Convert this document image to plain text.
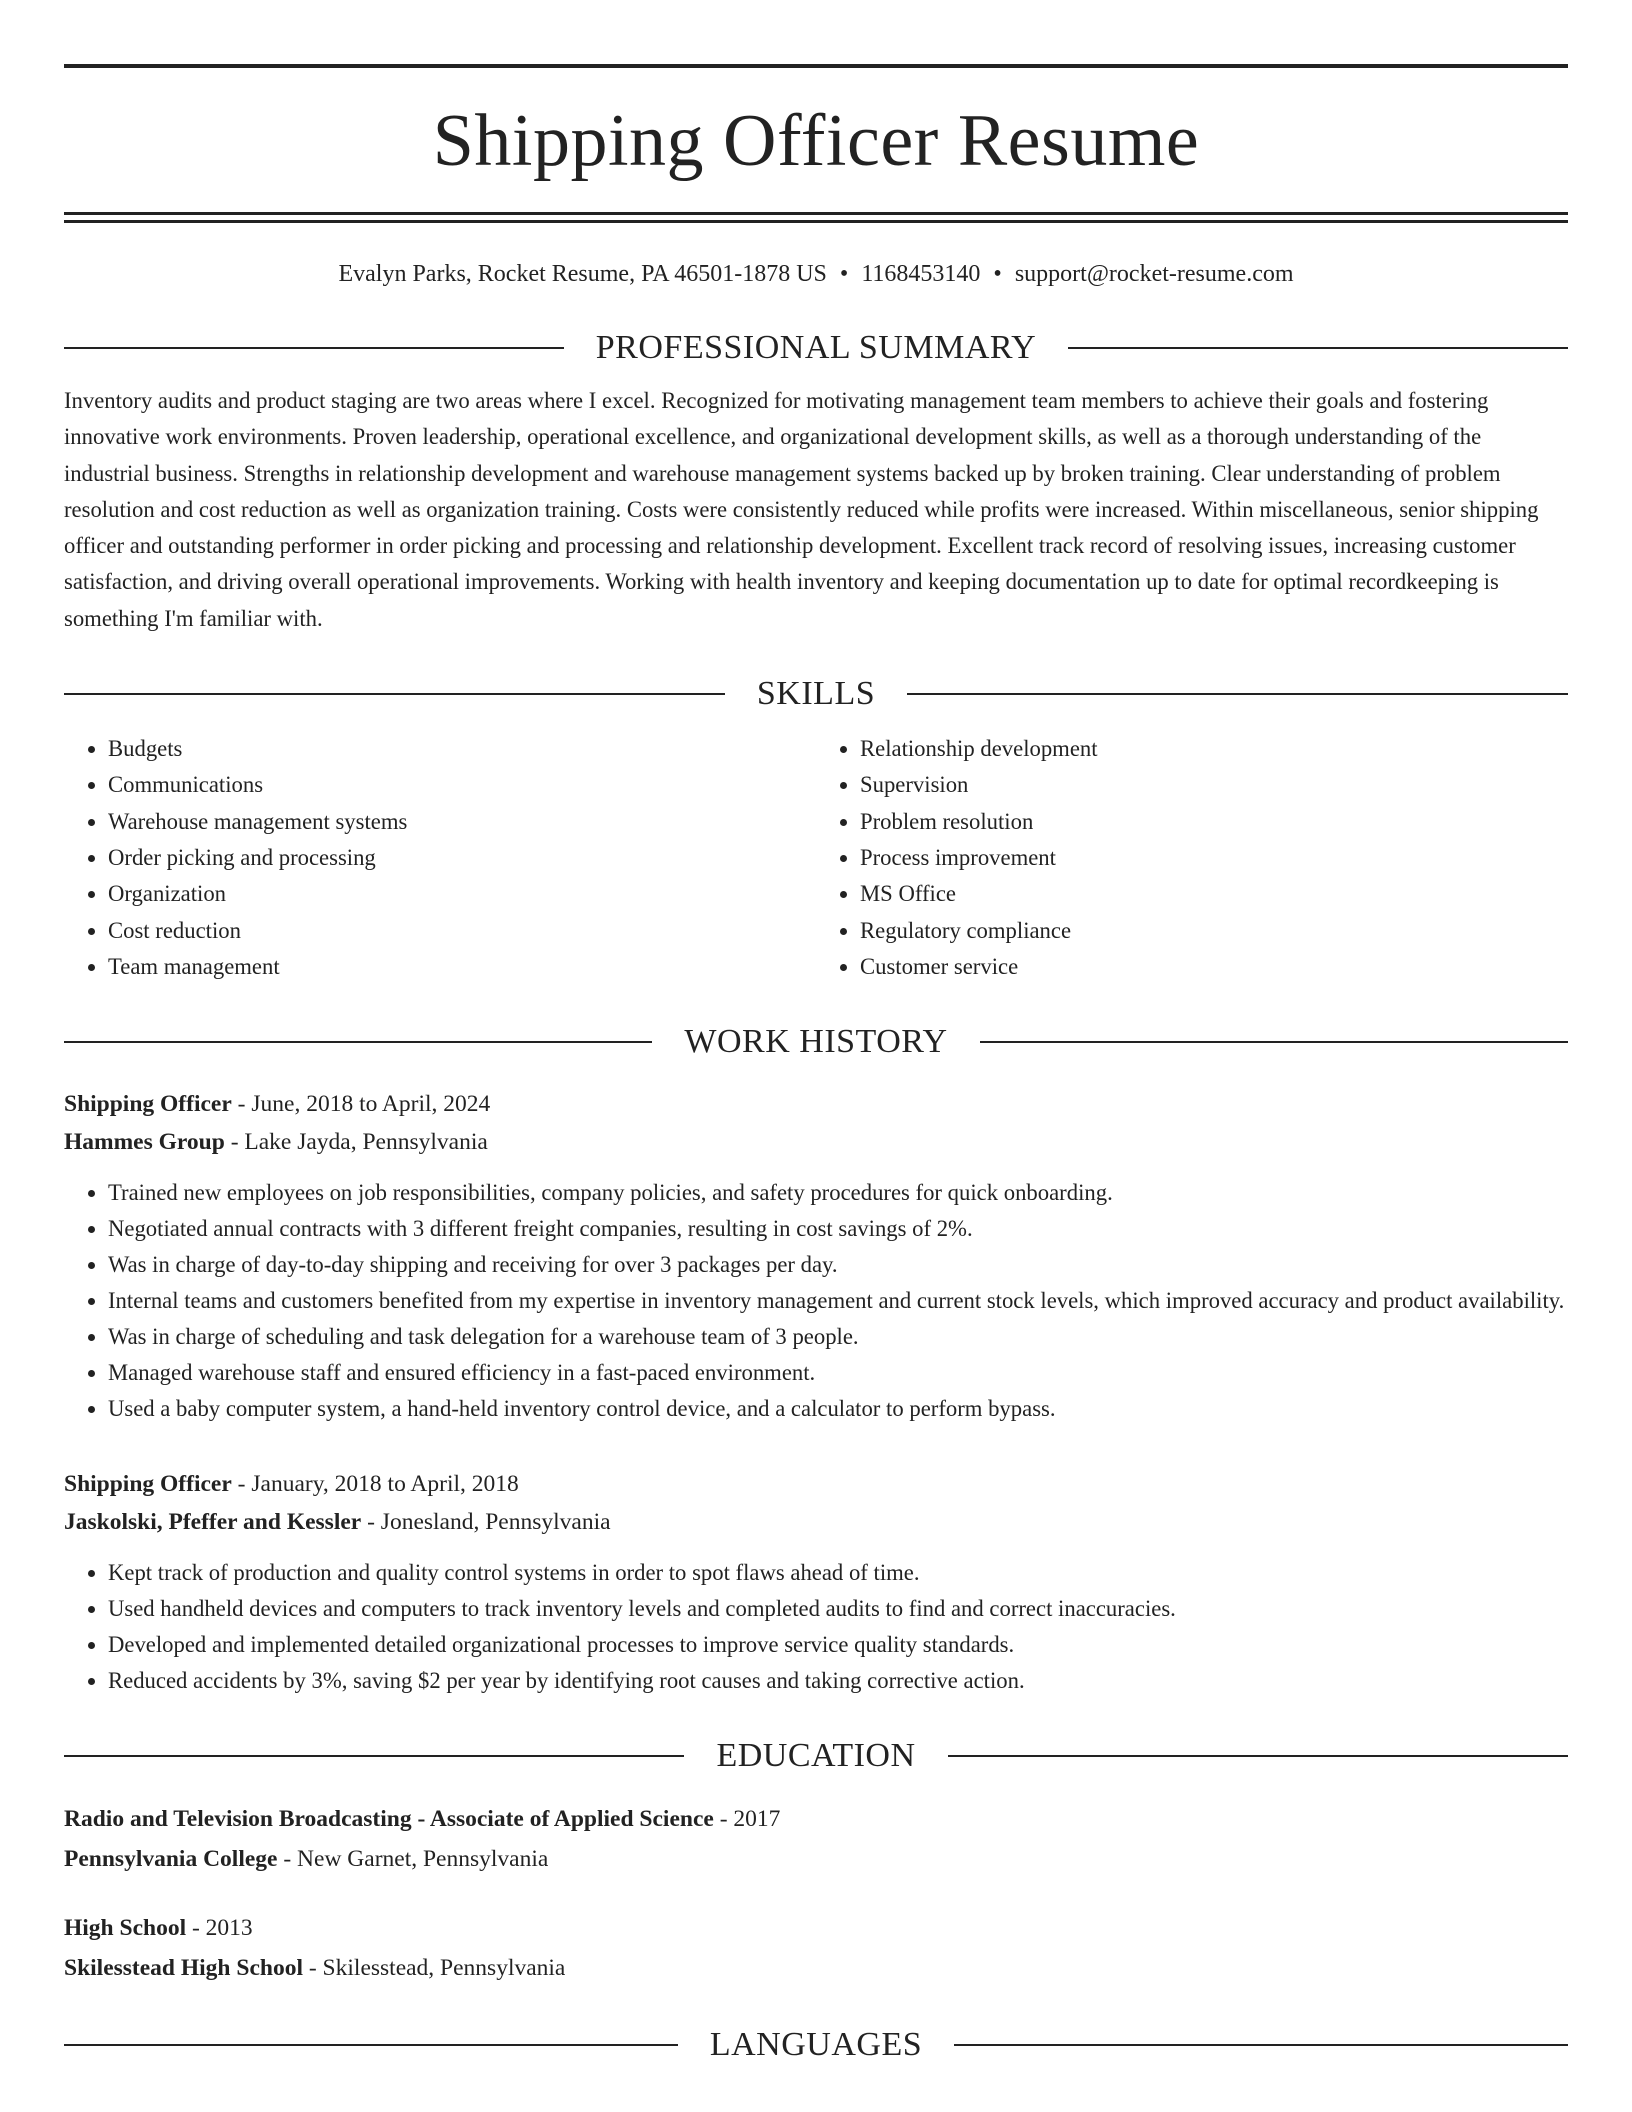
Shipping Officer Resume
Evalyn Parks, Rocket Resume, PA 46501-1878 US • 1168453140 • support@rocket-resume.com
PROFESSIONAL SUMMARY

Inventory audits and product staging are two areas where I excel. Recognized for motivating management team members to achieve their goals and fostering innovative work environments. Proven leadership, operational excellence, and organizational development skills, as well as a thorough understanding of the industrial business. Strengths in relationship development and warehouse management systems backed up by broken training. Clear understanding of problem resolution and cost reduction as well as organization training. Costs were consistently reduced while profits were increased. Within miscellaneous, senior shipping officer and outstanding performer in order picking and processing and relationship development. Excellent track record of resolving issues, increasing customer satisfaction, and driving overall operational improvements. Working with health inventory and keeping documentation up to date for optimal recordkeeping is something I'm familiar with.

SKILLS
• Budgets
• Communications
• Warehouse management systems
• Order picking and processing
• Organization
• Cost reduction
• Team management
• Relationship development
• Supervision
• Problem resolution
• Process improvement
• MS Office
• Regulatory compliance
• Customer service
WORK HISTORY
Shipping Officer - June, 2018 to April, 2024
Hammes Group - Lake Jayda, Pennsylvania
• Trained new employees on job responsibilities, company policies, and safety procedures for quick onboarding.
• Negotiated annual contracts with 3 different freight companies, resulting in cost savings of 2%.
• Was in charge of day-to-day shipping and receiving for over 3 packages per day.
• Internal teams and customers benefited from my expertise in inventory management and current stock levels, which improved accuracy and product availability.
• Was in charge of scheduling and task delegation for a warehouse team of 3 people.
• Managed warehouse staff and ensured efficiency in a fast-paced environment.
• Used a baby computer system, a hand-held inventory control device, and a calculator to perform bypass.
Shipping Officer - January, 2018 to April, 2018
Jaskolski, Pfeffer and Kessler - Jonesland, Pennsylvania
• Kept track of production and quality control systems in order to spot flaws ahead of time.
• Used handheld devices and computers to track inventory levels and completed audits to find and correct inaccuracies.
• Developed and implemented detailed organizational processes to improve service quality standards.
• Reduced accidents by 3%, saving $2 per year by identifying root causes and taking corrective action.
EDUCATION
Radio and Television Broadcasting - Associate of Applied Science - 2017
Pennsylvania College - New Garnet, Pennsylvania
High School - 2013
Skilesstead High School - Skilesstead, Pennsylvania
LANGUAGES
